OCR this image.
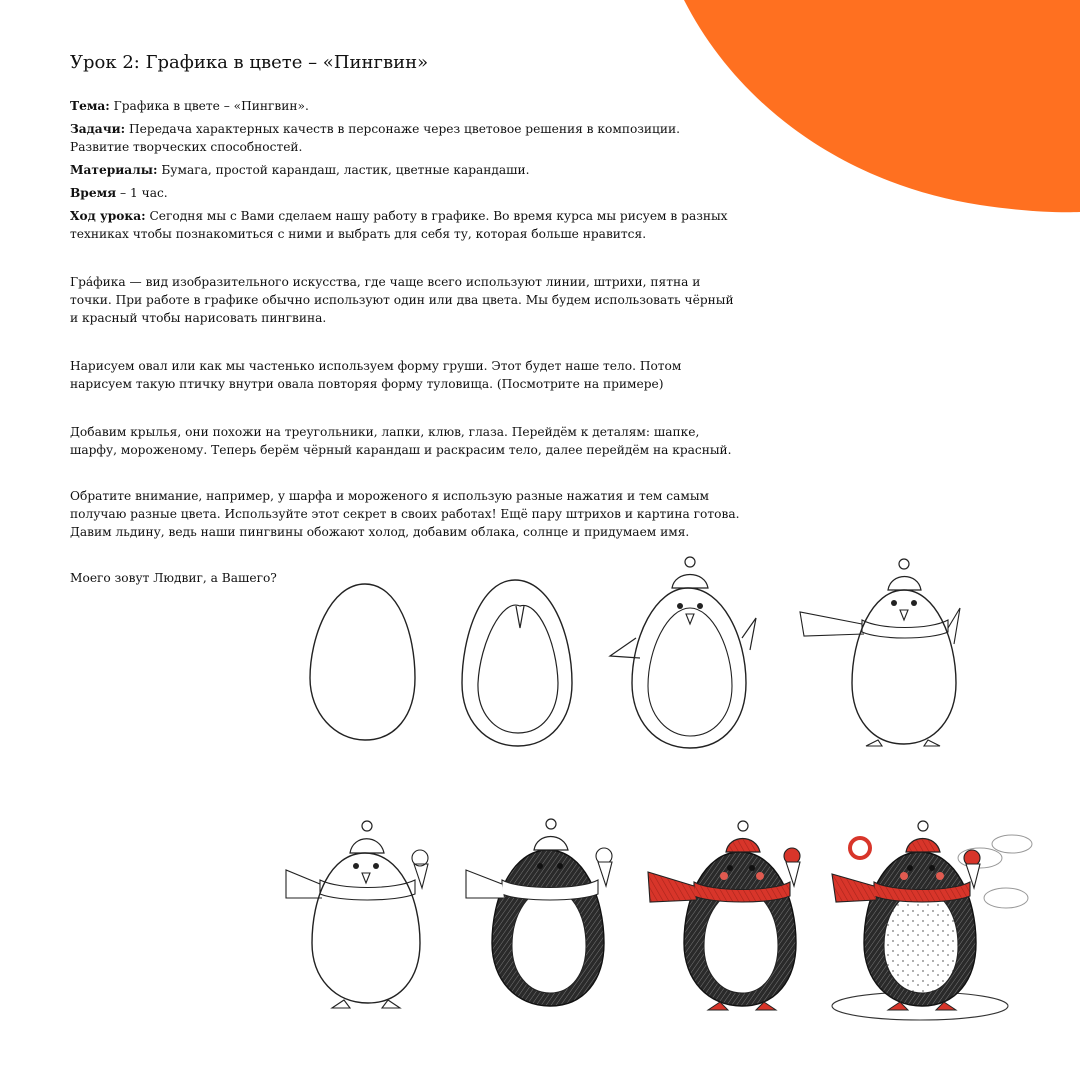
Урок 2: Графика в цвете – «Пингвин»

Тема: Графика в цвете – «Пингвин».

Задачи: Передача характерных качеств в персонаже через цветовое решения в композиции. Развитие творческих способностей.

Материалы: Бумага, простой карандаш, ластик, цветные карандаши.

Время – 1 час.

Ход урока: Сегодня мы с Вами сделаем нашу работу в графике. Во время курса мы рисуем в разных техниках чтобы познакомиться с ними и выбрать для себя ту, которая больше нравится.

Гра́фика — вид изобразительного искусства, где чаще всего используют линии, штрихи, пятна и точки. При работе в графике обычно используют один или два цвета. Мы будем использовать чёрный и красный чтобы нарисовать пингвина.

Нарисуем овал или как мы частенько используем форму груши. Этот будет наше тело. Потом нарисуем такую птичку внутри овала повторяя форму туловища. (Посмотрите на примере)

Добавим крылья, они похожи на треугольники, лапки, клюв, глаза. Перейдём к деталям: шапке, шарфу, мороженому. Теперь берём чёрный карандаш и раскрасим тело, далее перейдём на красный.

Обратите внимание, например, у шарфа и мороженого я использую разные нажатия и тем самым получаю разные цвета. Используйте этот секрет в своих работах! Ещё пару штрихов и картина готова. Давим льдину, ведь наши пингвины обожают холод, добавим облака, солнце и придумаем имя.

Моего зовут Людвиг, а Вашего?
